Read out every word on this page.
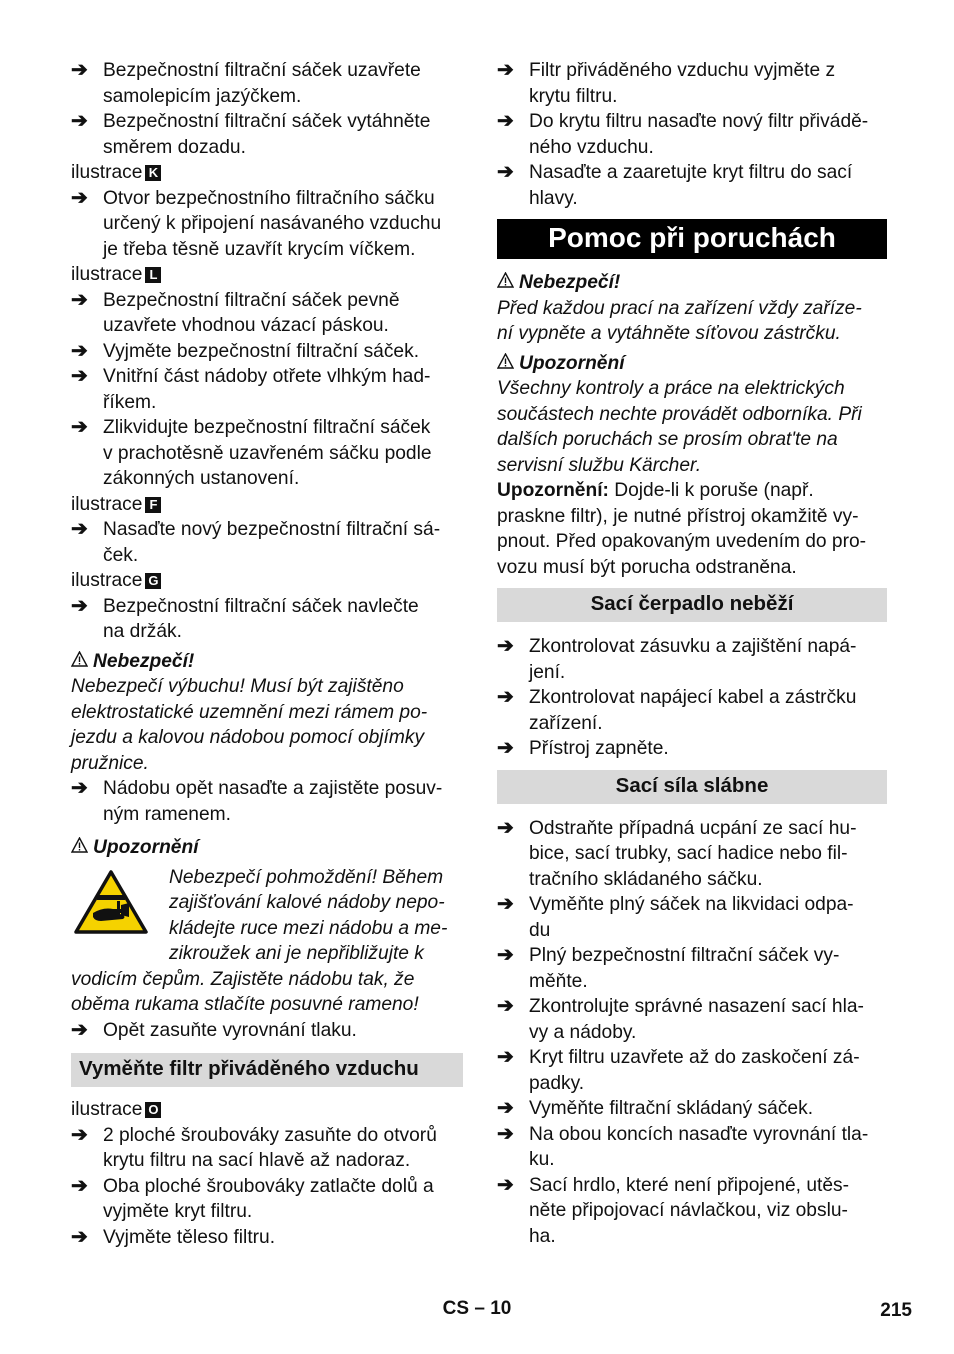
➔ Bezpečnostní filtrační sáček uzavřete
samolepicím jazýčkem.
➔ Bezpečnostní filtrační sáček vytáhněte
směrem dozadu.
ilustrace K
➔ Otvor bezpečnostního filtračního sáčku
určený k připojení nasávaného vzduchu
je třeba těsně uzavřít krycím víčkem.
ilustrace L
➔ Bezpečnostní filtrační sáček pevně
uzavřete vhodnou vázací páskou.
➔ Vyjměte bezpečnostní filtrační sáček.
➔ Vnitřní část nádoby otřete vlhkým had-
říkem.
➔ Zlikvidujte bezpečnostní filtrační sáček
v prachotěsně uzavřeném sáčku podle
zákonných ustanovení.
ilustrace F
➔ Nasaďte nový bezpečnostní filtrační sá-
ček.
ilustrace G
➔ Bezpečnostní filtrační sáček navlečte
na držák.
Nebezpečí!
Nebezpečí výbuchu! Musí být zajištěno
elektrostatické uzemnění mezi rámem po-
jezdu a kalovou nádobou pomocí objímky
pružnice.
➔ Nádobu opět nasaďte a zajistěte posuv-
ným ramenem.
Upozornění
Nebezpečí pohmoždění! Během
zajišťování kalové nádoby nepo-
kládejte ruce mezi nádobu a me-
zikroužek ani je nepřibližujte k
vodicím čepům. Zajistěte nádobu tak, že
oběma rukama stlačíte posuvné rameno!
➔ Opět zasuňte vyrovnání tlaku.
Vyměňte filtr přiváděného vzduchu
ilustrace O
➔ 2 ploché šroubováky zasuňte do otvorů
krytu filtru na sací hlavě až nadoraz.
➔ Oba ploché šroubováky zatlačte dolů a
vyjměte kryt filtru.
➔ Vyjměte těleso filtru.
➔ Filtr přiváděného vzduchu vyjměte z
krytu filtru.
➔ Do krytu filtru nasaďte nový filtr přivádě-
ného vzduchu.
➔ Nasaďte a zaaretujte kryt filtru do sací
hlavy.
Pomoc při poruchách
Nebezpečí!
Před každou prací na zařízení vždy zaříze-
ní vypněte a vytáhněte síťovou zástrčku.
Upozornění
Všechny kontroly a práce na elektrických
součástech nechte provádět odborníka. Při
dalších poruchách se prosím obrat'te na
servisní službu Kärcher.
Upozornění: Dojde-li k poruše (např.
praskne filtr), je nutné přístroj okamžitě vy-
pnout. Před opakovaným uvedením do pro-
vozu musí být porucha odstraněna.
Sací čerpadlo neběží
➔ Zkontrolovat zásuvku a zajištění napá-
jení.
➔ Zkontrolovat napájecí kabel a zástrčku
zařízení.
➔ Přístroj zapněte.
Sací síla slábne
➔ Odstraňte případná ucpání ze sací hu-
bice, sací trubky, sací hadice nebo fil-
tračního skládaného sáčku.
➔ Vyměňte plný sáček na likvidaci odpa-
du
➔ Plný bezpečnostní filtrační sáček vy-
měňte.
➔ Zkontrolujte správné nasazení sací hla-
vy a nádoby.
➔ Kryt filtru uzavřete až do zaskočení zá-
padky.
➔ Vyměňte filtrační skládaný sáček.
➔ Na obou koncích nasaďte vyrovnání tla-
ku.
➔ Sací hrdlo, které není připojené, utěs-
něte připojovací návlačkou, viz obslu-
ha.
CS – 10	215
